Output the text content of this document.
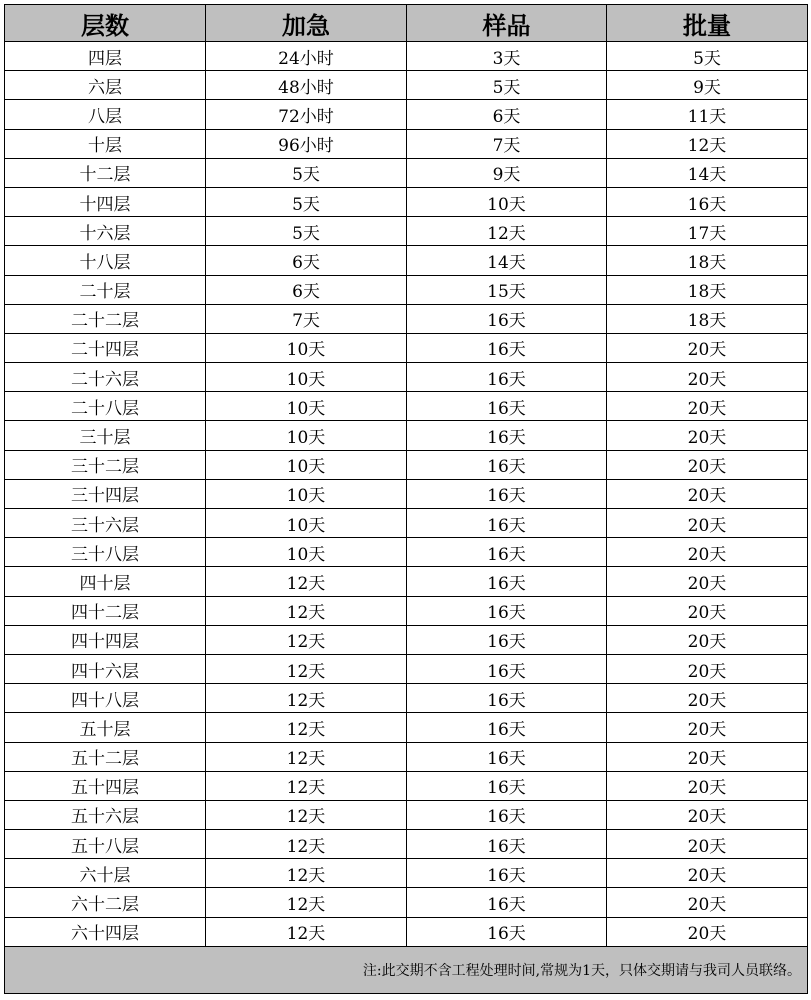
层数	加急	样品	批量
四层	24小时	3天	5天
六层	48小时	5天	9天
八层	72小时	6天	11天
十层	96小时	7天	12天
十二层	5天	9天	14天
十四层	5天	10天	16天
十六层	5天	12天	17天
十八层	6天	14天	18天
二十层	6天	15天	18天
二十二层	7天	16天	18天
二十四层	10天	16天	20天
二十六层	10天	16天	20天
二十八层	10天	16天	20天
三十层	10天	16天	20天
三十二层	10天	16天	20天
三十四层	10天	16天	20天
三十六层	10天	16天	20天
三十八层	10天	16天	20天
四十层	12天	16天	20天
四十二层	12天	16天	20天
四十四层	12天	16天	20天
四十六层	12天	16天	20天
四十八层	12天	16天	20天
五十层	12天	16天	20天
五十二层	12天	16天	20天
五十四层	12天	16天	20天
五十六层	12天	16天	20天
五十八层	12天	16天	20天
六十层	12天	16天	20天
六十二层	12天	16天	20天
六十四层	12天	16天	20天
注:此交期不含工程处理时间,常规为1天，只体交期请与我司人员联络。			
